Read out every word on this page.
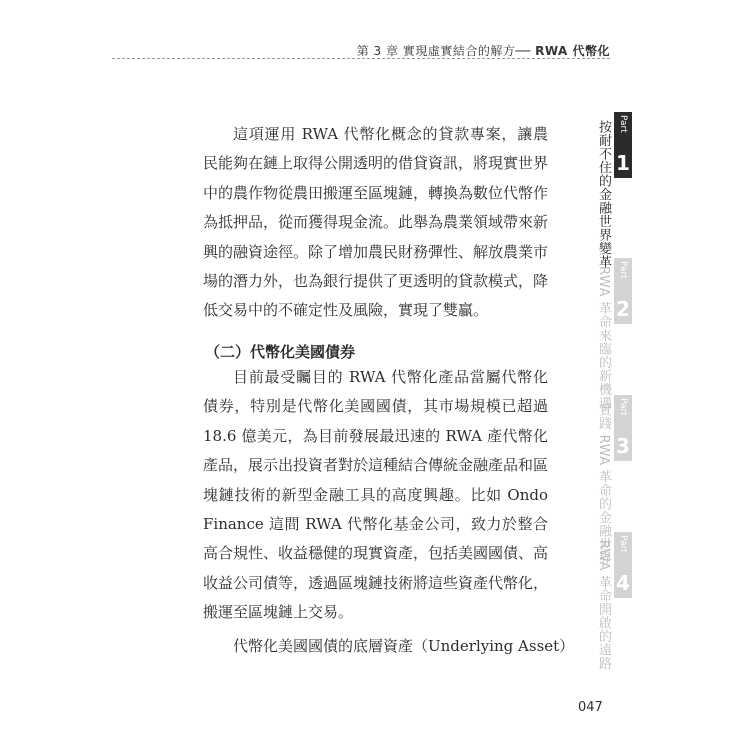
第 3 章 實現虛實結合的解方── RWA 代幣化

這項運用 RWA 代幣化概念的貸款專案，讓農民能夠在鏈上取得公開透明的借貸資訊，將現實世界中的農作物從農田搬運至區塊鏈，轉換為數位代幣作為抵押品，從而獲得現金流。此舉為農業領域帶來新興的融資途徑。除了增加農民財務彈性、解放農業市場的潛力外，也為銀行提供了更透明的貸款模式，降低交易中的不確定性及風險，實現了雙贏。

（二）代幣化美國債券

目前最受矚目的 RWA 代幣化產品當屬代幣化債券，特別是代幣化美國國債，其市場規模已超過 18.6 億美元，為目前發展最迅速的 RWA 產代幣化產品，展示出投資者對於這種結合傳統金融產品和區塊鏈技術的新型金融工具的高度興趣。比如 Ondo Finance 這間 RWA 代幣化基金公司，致力於整合高合規性、收益穩健的現實資產，包括美國國債、高收益公司債等，透過區塊鏈技術將這些資產代幣化，搬運至區塊鏈上交易。

代幣化美國國債的底層資產（Underlying Asset）
047
按耐不住的金融世界變革 Part
1
RWA 革命來臨的新機遇 Part
2
實踐 RWA 革命的金融世界 Part
3
RWA 革命開啟的遠路 Part
4
